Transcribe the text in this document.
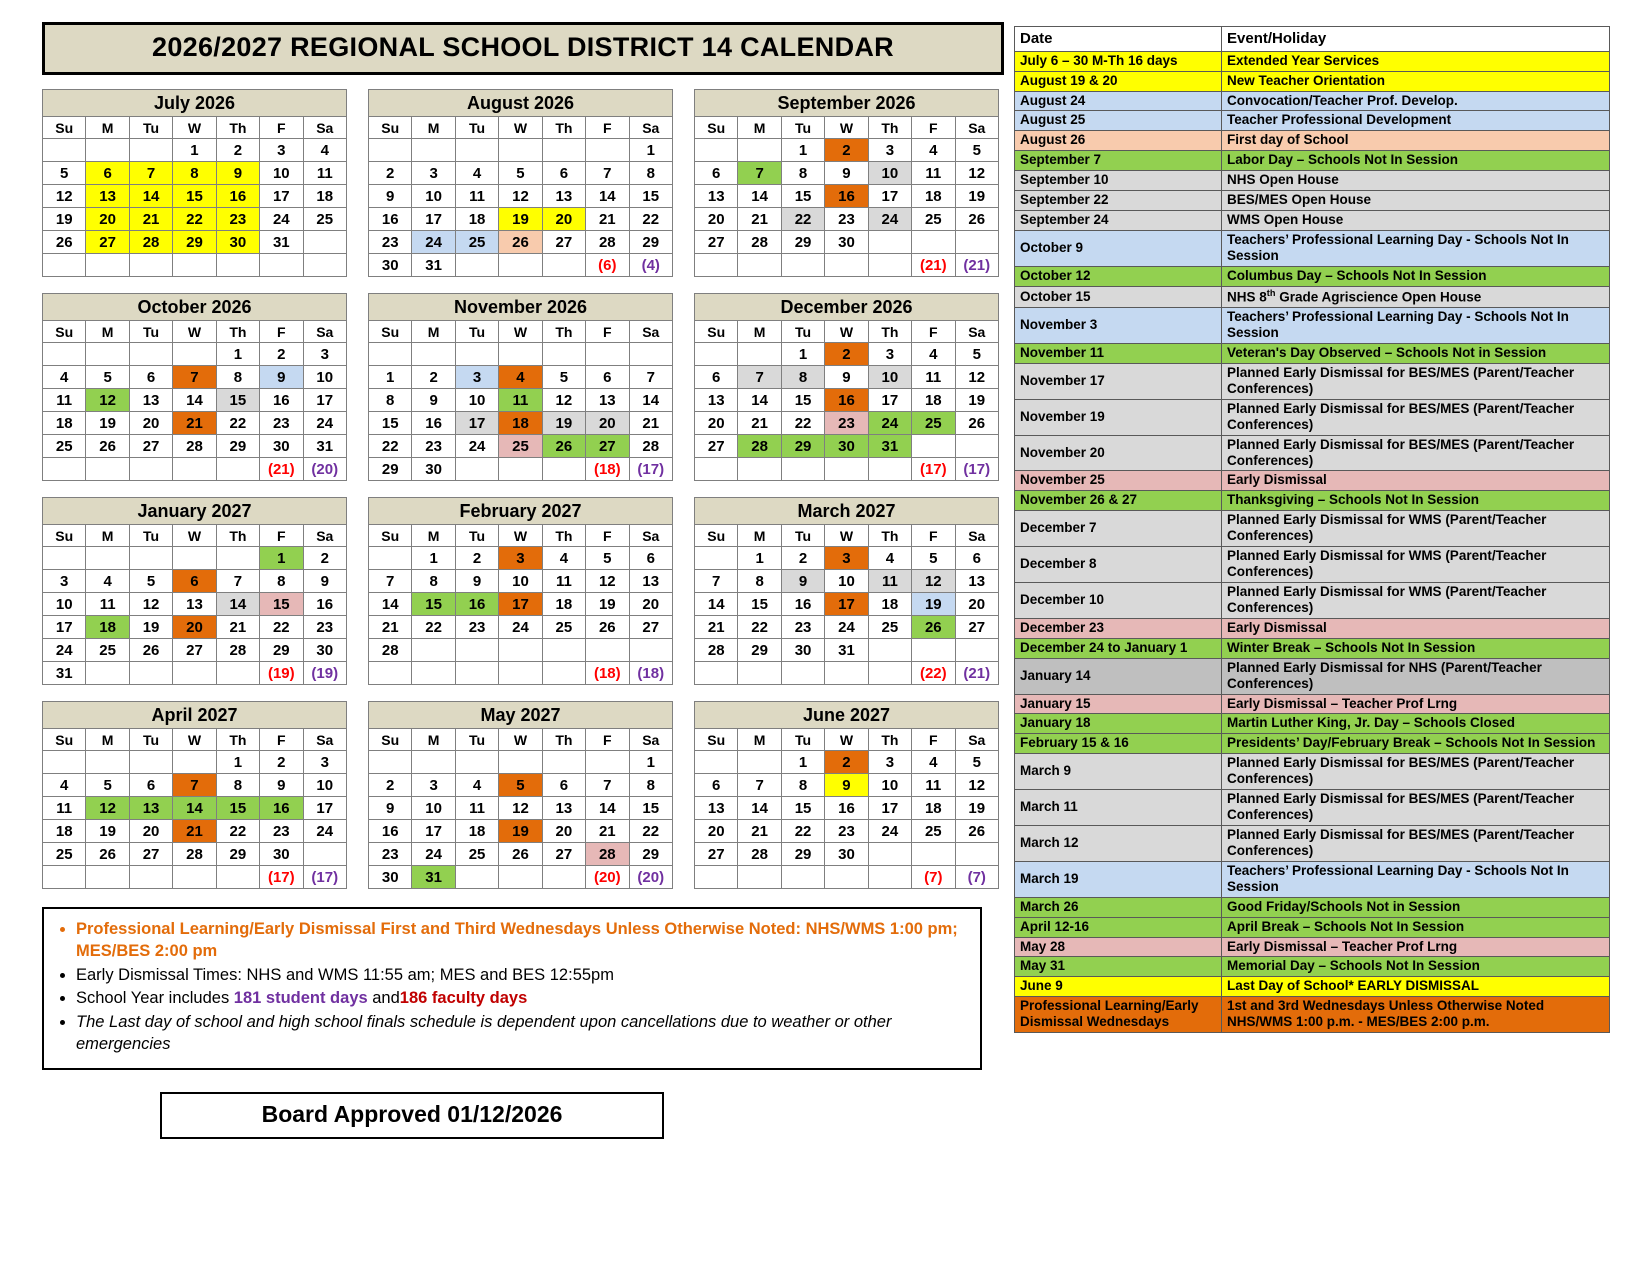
2026/2027 REGIONAL SCHOOL DISTRICT 14 CALENDAR
July 2026						
Su	M	Tu	W	Th	F	Sa
			1	2	3	4
5	6	7	8	9	10	11
12	13	14	15	16	17	18
19	20	21	22	23	24	25
26	27	28	29	30	31	

August 2026						
Su	M	Tu	W	Th	F	Sa
						1
2	3	4	5	6	7	8
9	10	11	12	13	14	15
16	17	18	19	20	21	22
23	24	25	26	27	28	29
30	31				(6)	(4)
September 2026						
Su	M	Tu	W	Th	F	Sa
		1	2	3	4	5
6	7	8	9	10	11	12
13	14	15	16	17	18	19
20	21	22	23	24	25	26
27	28	29	30			
					(21)	(21)
October 2026						
Su	M	Tu	W	Th	F	Sa
				1	2	3
4	5	6	7	8	9	10
11	12	13	14	15	16	17
18	19	20	21	22	23	24
25	26	27	28	29	30	31
					(21)	(20)
November 2026						
Su	M	Tu	W	Th	F	Sa

1	2	3	4	5	6	7
8	9	10	11	12	13	14
15	16	17	18	19	20	21
22	23	24	25	26	27	28
29	30				(18)	(17)
December 2026						
Su	M	Tu	W	Th	F	Sa
		1	2	3	4	5
6	7	8	9	10	11	12
13	14	15	16	17	18	19
20	21	22	23	24	25	26
27	28	29	30	31		
					(17)	(17)
January 2027						
Su	M	Tu	W	Th	F	Sa
					1	2
3	4	5	6	7	8	9
10	11	12	13	14	15	16
17	18	19	20	21	22	23
24	25	26	27	28	29	30
31					(19)	(19)
February 2027						
Su	M	Tu	W	Th	F	Sa
	1	2	3	4	5	6
7	8	9	10	11	12	13
14	15	16	17	18	19	20
21	22	23	24	25	26	27
28						
					(18)	(18)
March 2027						
Su	M	Tu	W	Th	F	Sa
	1	2	3	4	5	6
7	8	9	10	11	12	13
14	15	16	17	18	19	20
21	22	23	24	25	26	27
28	29	30	31			
					(22)	(21)
April 2027						
Su	M	Tu	W	Th	F	Sa
				1	2	3
4	5	6	7	8	9	10
11	12	13	14	15	16	17
18	19	20	21	22	23	24
25	26	27	28	29	30	
					(17)	(17)
May 2027						
Su	M	Tu	W	Th	F	Sa
						1
2	3	4	5	6	7	8
9	10	11	12	13	14	15
16	17	18	19	20	21	22
23	24	25	26	27	28	29
30	31				(20)	(20)
June 2027						
Su	M	Tu	W	Th	F	Sa
		1	2	3	4	5
6	7	8	9	10	11	12
13	14	15	16	17	18	19
20	21	22	23	24	25	26
27	28	29	30			
					(7)	(7)
• Professional Learning/Early Dismissal First and Third Wednesdays Unless Otherwise Noted: NHS/WMS 1:00 pm; MES/BES 2:00 pm
• Early Dismissal Times: NHS and WMS 11:55 am; MES and BES 12:55pm
• School Year includes 181 student days and186 faculty days
• The Last day of school and high school finals schedule is dependent upon cancellations due to weather or other emergencies
Board Approved 01/12/2026
Date	Event/Holiday
July 6 – 30 M-Th 16 days	Extended Year Services
August 19 & 20	New Teacher Orientation
August 24	Convocation/Teacher Prof. Develop.
August 25	Teacher Professional Development
August 26	First day of School
September 7	Labor Day – Schools Not In Session
September 10	NHS Open House
September 22	BES/MES Open House
September 24	WMS Open House
October 9	Teachers’ Professional Learning Day - Schools Not In Session
October 12	Columbus Day – Schools Not In Session
October 15	NHS 8th Grade Agriscience Open House
November 3	Teachers’ Professional Learning Day - Schools Not In Session
November 11	Veteran's Day Observed – Schools Not in Session
November 17	Planned Early Dismissal for BES/MES (Parent/Teacher Conferences)
November 19	Planned Early Dismissal for BES/MES (Parent/Teacher Conferences)
November 20	Planned Early Dismissal for BES/MES (Parent/Teacher Conferences)
November 25	Early Dismissal
November 26 & 27	Thanksgiving – Schools Not In Session
December 7	Planned Early Dismissal for WMS (Parent/Teacher Conferences)
December 8	Planned Early Dismissal for WMS (Parent/Teacher Conferences)
December 10	Planned Early Dismissal for WMS (Parent/Teacher Conferences)
December 23	Early Dismissal
December 24 to January 1	Winter Break – Schools Not In Session
January 14	Planned Early Dismissal for NHS (Parent/Teacher Conferences)
January 15	Early Dismissal – Teacher Prof Lrng
January 18	Martin Luther King, Jr. Day – Schools Closed
February 15 & 16	Presidents’ Day/February Break – Schools Not In Session
March 9	Planned Early Dismissal for BES/MES (Parent/Teacher Conferences)
March 11	Planned Early Dismissal for BES/MES (Parent/Teacher Conferences)
March 12	Planned Early Dismissal for BES/MES (Parent/Teacher Conferences)
March 19	Teachers’ Professional Learning Day - Schools Not In Session
March 26	Good Friday/Schools Not in Session
April 12-16	April Break – Schools Not In Session
May 28	Early Dismissal – Teacher Prof Lrng
May 31	Memorial Day – Schools Not In Session
June 9	Last Day of School* EARLY DISMISSAL
Professional Learning/Early Dismissal Wednesdays	1st and 3rd Wednesdays Unless Otherwise Noted NHS/WMS 1:00 p.m. - MES/BES 2:00 p.m.
